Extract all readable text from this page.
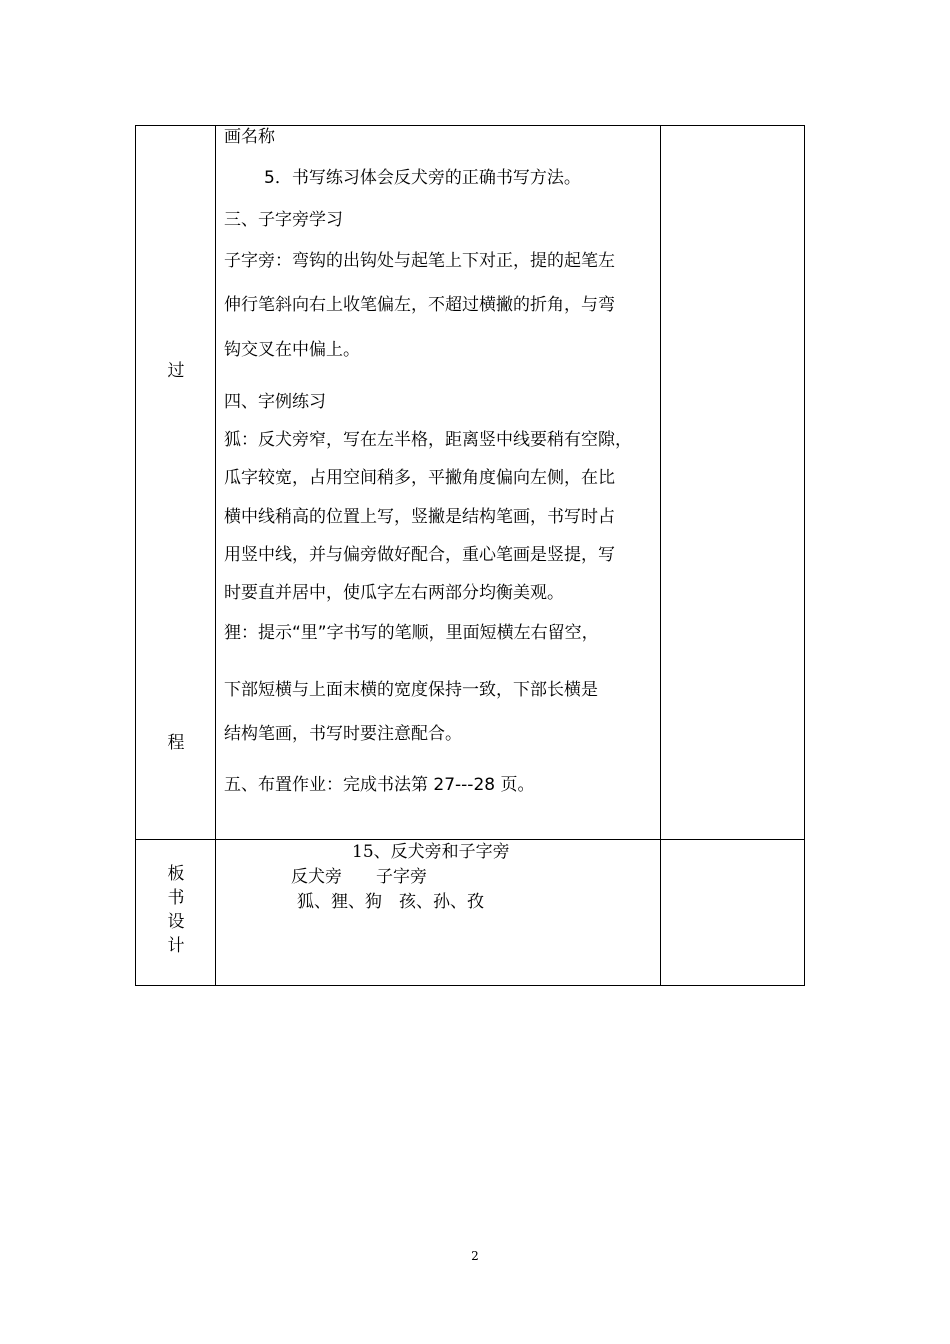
过
程
板
书
设
计
画名称
5．书写练习体会反犬旁的正确书写方法。
三、子字旁学习
子字旁：弯钩的出钩处与起笔上下对正，提的起笔左
伸行笔斜向右上收笔偏左，不超过横撇的折角，与弯
钩交叉在中偏上。
四、字例练习
狐：反犬旁窄，写在左半格，距离竖中线要稍有空隙，
瓜字较宽，占用空间稍多，平撇角度偏向左侧，在比
横中线稍高的位置上写，竖撇是结构笔画，书写时占
用竖中线，并与偏旁做好配合，重心笔画是竖提，写
时要直并居中，使瓜字左右两部分均衡美观。
狸：提示“里”字书写的笔顺，里面短横左右留空，
下部短横与上面末横的宽度保持一致，下部长横是
结构笔画，书写时要注意配合。
五、布置作业：完成书法第 27---28 页。
15、反犬旁和子字旁
反犬旁　　子字旁
狐、狸、狗　孩、孙、孜
2
